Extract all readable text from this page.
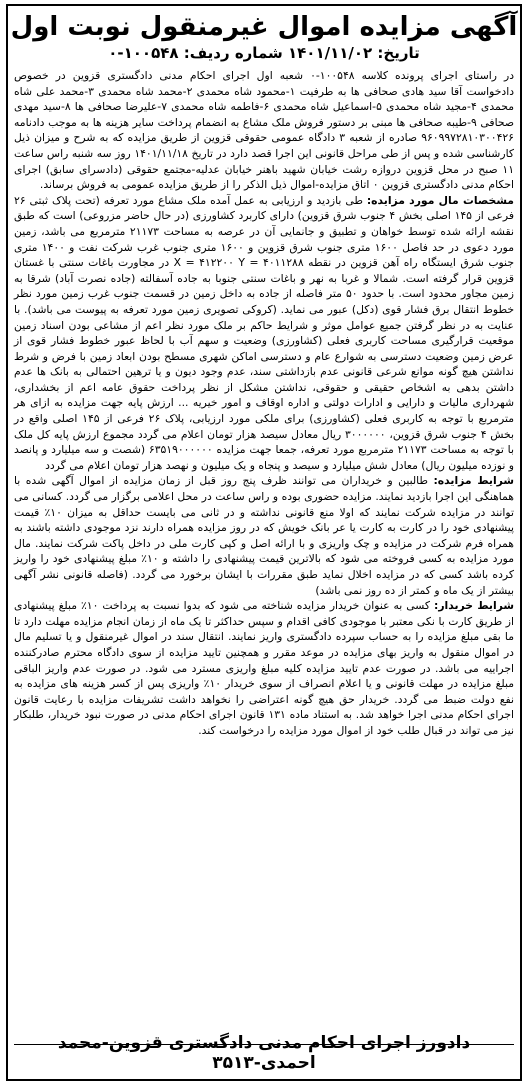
آگهی مزایده اموال غیرمنقول نوبت اول
تاریخ: ۱۴۰۱/۱۱/۰۲ شماره ردیف: ۱۰۰۵۴۸-۰

در راستای اجرای پرونده کلاسه ۱۰۰۵۴۸-۰ شعبه اول اجرای احکام مدنی دادگستری قزوین در خصوص دادخواست آقا سید هادی صحافی ها به طرفیت ۱-محمود شاه محمدی ۲-محمد شاه محمدی ۳-محمد علی شاه محمدی ۴-مجید شاه محمدی ۵-اسماعیل شاه محمدی ۶-فاطمه شاه محمدی ۷-علیرضا صحافی ها ۸-سید مهدی صحافی ۹-طیبه صحافی ها مبنی بر دستور فروش ملک مشاع به انضمام پرداخت سایر هزینه ها به موجب دادنامه ۹۶۰۹۹۷۲۸۱۰۳۰۰۴۲۶ صادره از شعبه ۳ دادگاه عمومی حقوقی قزوین از طریق مزایده که به شرح و میزان ذیل کارشناسی شده و پس از طی مراحل قانونی این اجرا قصد دارد در تاریخ ۱۴۰۱/۱۱/۱۸ روز سه شنبه راس ساعت ۱۱ صبح در محل قزوین دروازه رشت خیابان شهید باهنر خیابان عدلیه-مجتمع حقوقی (دادسرای سابق) اجرای احکام مدنی دادگستری قزوین ۰ اتاق مزایده-اموال ذیل الذکر را از طریق مزایده عمومی به فروش برساند.

مشخصات مال مورد مزایده: طی بازدید و ارزیابی به عمل آمده ملک مشاع مورد تعرفه (تحت پلاک ثبتی ۲۶ فرعی از ۱۴۵ اصلی بخش ۴ جنوب شرق قزوین) دارای کاربرد کشاورزی (در حال حاضر مزروعی) است که طبق نقشه ارائه شده توسط خواهان و تطبیق و جانمایی آن در عرصه به مساحت ۲۱۱۷۳ مترمربع می باشد، زمین مورد دعوی در حد فاصل ۱۶۰۰ متری جنوب شرق قزوین و ۱۶۰۰ متری جنوب غرب شرکت نفت و ۱۴۰۰ متری جنوب شرق ایستگاه راه آهن قزوین در نقطه X = ۴۱۲۲۰۰ Y = ۴۰۱۱۲۸۸ در مجاورت باغات سنتی با غستان قزوین قرار گرفته است. شمالا و غربا به نهر و باغات سنتی جنوبا به جاده آسفالته (جاده نصرت آباد) شرقا به زمین مجاور محدود است. با حدود ۵۰ متر فاصله از جاده به داخل زمین در قسمت جنوب غرب زمین مورد نظر خطوط انتقال برق فشار قوی (دکل) عبور می نماید. (کروکی تصویری زمین مورد تعرفه به پیوست می باشد). با عنایت به در نظر گرفتن جمیع عوامل موثر و شرایط حاکم بر ملک مورد نظر اعم از مشاعی بودن اسناد زمین موقعیت قرارگیری مساحت کاربری فعلی (کشاورزی) وضعیت و سهم آب با لحاظ عبور خطوط فشار قوی از عرض زمین وضعیت دسترسی به شوارع عام و دسترسی اماکن شهری مسطح بودن ابعاد زمین با فرض و شرط نداشتن هیچ گونه موانع شرعی قانونی عدم بازداشتی سند، عدم وجود دیون و یا ترهین احتمالی به بانک ها عدم داشتن بدهی به اشخاص حقیقی و حقوقی، نداشتن مشکل از نظر پرداخت حقوق عامه اعم از بخشداری، شهرداری مالیات و دارایی و ادارات دولتی و اداره اوقاف و امور خیریه ... ارزش پایه جهت مزایده به ازای هر مترمربع با توجه به کاربری فعلی (کشاورزی) برای ملکی مورد ارزیابی، پلاک ۲۶ فرعی از ۱۴۵ اصلی واقع در بخش ۴ جنوب شرق قزوین، ۳۰۰۰۰۰۰ ریال معادل سیصد هزار تومان اعلام می گردد مجموع ارزش پایه کل ملک با توجه به مساحت ۲۱۱۷۳ مترمربع مورد تعرفه، جمعا جهت مزایده ۶۳۵۱۹۰۰۰۰۰۰ (شصت و سه میلیارد و پانصد و نوزده میلیون ریال) معادل شش میلیارد و سیصد و پنجاه و یک میلیون و نهصد هزار تومان اعلام می گردد

شرایط مزایده: طالبین و خریداران می توانند ظرف پنج روز قبل از زمان مزایده از اموال آگهی شده با هماهنگی این اجرا بازدید نمایند. مزایده حضوری بوده و راس ساعت در محل اعلامی برگزار می گردد. کسانی می توانند در مزایده شرکت نمایند که اولا منع قانونی نداشته و در ثانی می بایست حداقل به میزان ۱۰٪ قیمت پیشنهادی خود را در کارت به کارت یا عر بانک خویش که در روز مزایده همراه دارند نزد موجودی داشته باشند به همراه فرم شرکت در مزایده و چک واریزی و با ارائه اصل و کپی کارت ملی در داخل پاکت شرکت نمایند. مال مورد مزایده به کسی فروخته می شود که بالاترین قیمت پیشنهادی را داشته و ۱۰٪ مبلغ پیشنهادی خود را واریز کرده باشد کسی که در مزایده اخلال نماید طبق مقررات با ایشان برخورد می گردد. (فاصله قانونی نشر آگهی بیشتر از یک ماه و کمتر از ده روز نمی باشد)

شرایط خریدار: کسی به عنوان خریدار مزایده شناخته می شود که بدوا نسبت به پرداخت ۱۰٪ مبلغ پیشنهادی از طریق کارت با نکی معتبر با موجودی کافی اقدام و سپس حداکثر تا یک ماه از زمان انجام مزایده مهلت دارد تا ما بقی مبلغ مزایده را به حساب سپرده دادگستری واریز نمایند. انتقال سند در اموال غیرمنقول و یا تسلیم مال در اموال منقول به واریز بهای مزایده در موعد مقرر و همچنین تایید مزایده از سوی دادگاه محترم صادرکننده اجراییه می باشد. در صورت عدم تایید مزایده کلیه مبلغ واریزی مسترد می شود. در صورت عدم واریز الباقی مبلغ مزایده در مهلت قانونی و یا اعلام انصراف از سوی خریدار ۱۰٪ واریزی پس از کسر هزینه های مزایده به نفع دولت ضبط می گردد. خریدار حق هیچ گونه اعتراضی را نخواهد داشت تشریفات مزایده با رعایت قانون اجرای احکام مدنی اجرا خواهد شد. به استناد ماده ۱۳۱ قانون اجرای احکام مدنی در صورت نبود خریدار، طلبکار نیز می تواند در قبال طلب خود از اموال مورد مزایده را درخواست کند.

دادورز اجرای احکام مدنی دادگستری قزوین-محمد احمدی-۳۵۱۳
